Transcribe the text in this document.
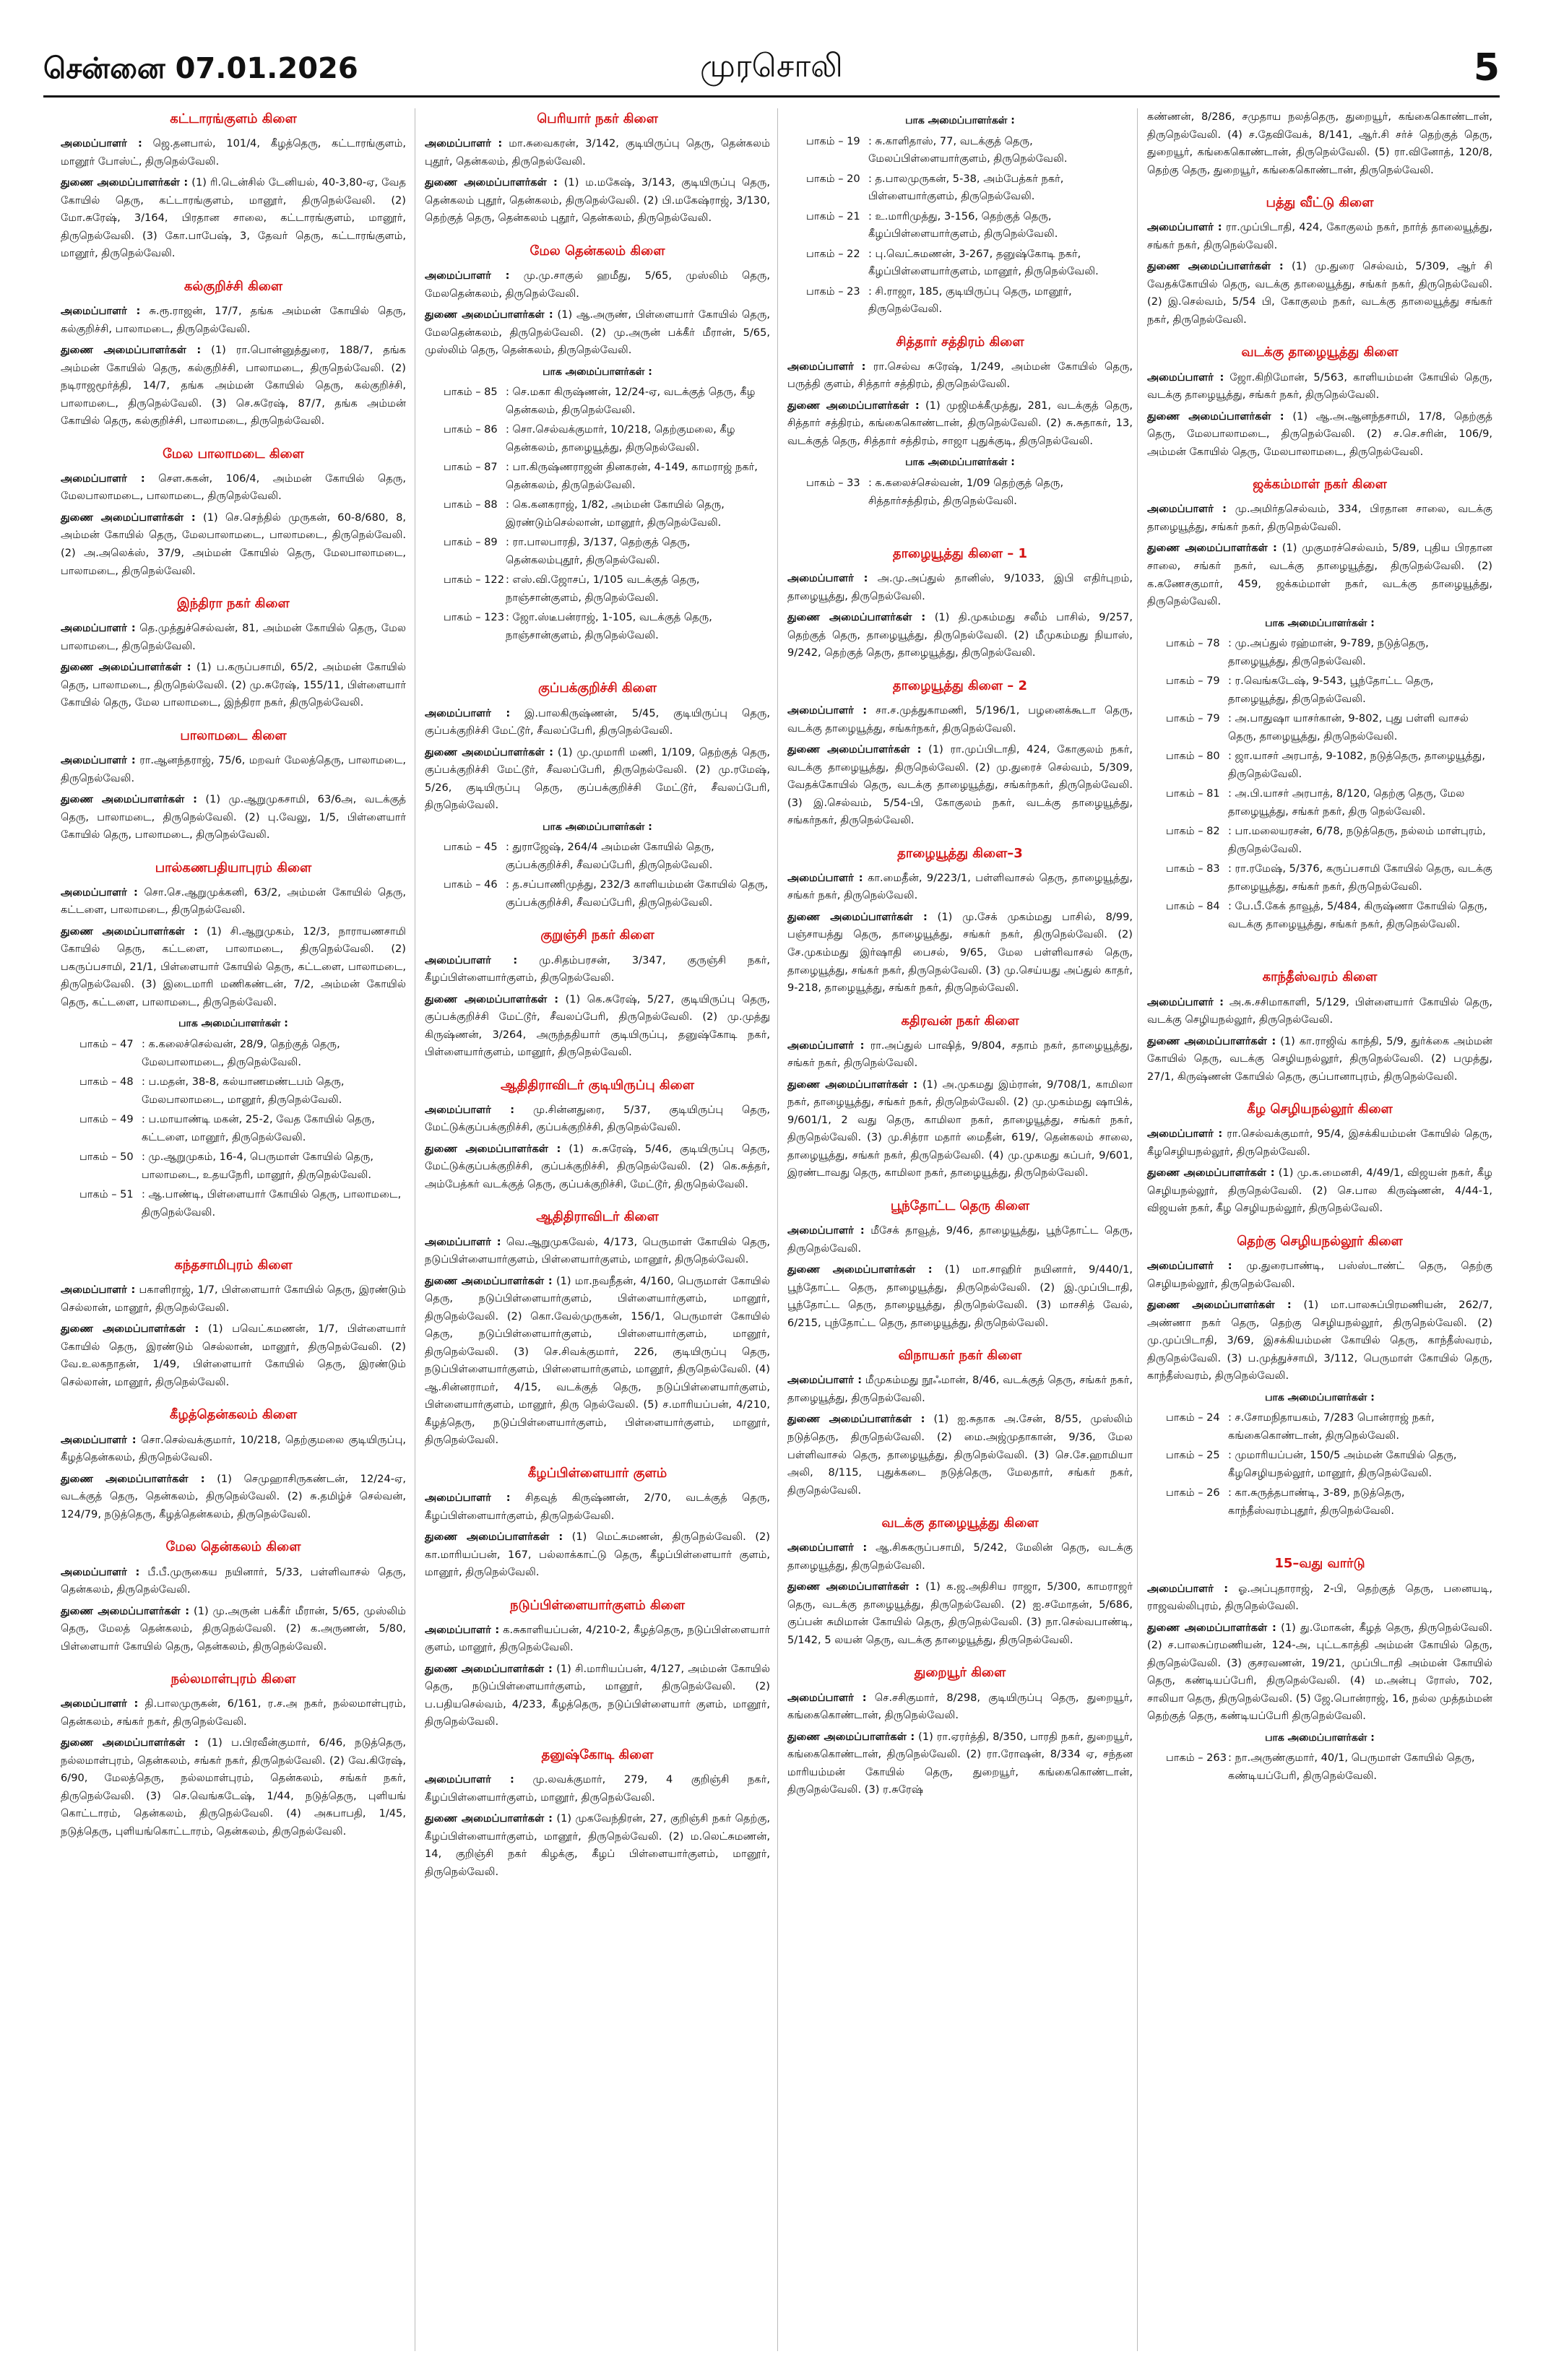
சென்னை 07.01.2026	முரசொலி	5
கட்டாரங்குளம் கிளை

அமைப்பாளர் : ஜெ.தனபால், 101/4, கீழத்தெரு, கட்டாரங்குளம், மானூர் போஸ்ட், திருநெல்வேலி.

துணை அமைப்பாளர்கள் : (1) ரி.டென்சில் டேனியல், 40-3,80-ஏ, வேத கோயில் தெரு, கட்டாரங்குளம், மானூர், திருநெல்வேலி. (2) மோ.சுரேஷ், 3/164, பிரதான சாலை, கட்டாரங்குளம், மானூர், திருநெல்வேலி. (3) கோ.பாபேஷ், 3, தேவர் தெரு, கட்டாரங்குளம், மானூர், திருநெல்வேலி.

கல்குறிச்சி கிளை

அமைப்பாளர் : சு.ரூ.ராஜன், 17/7, தங்க அம்மன் கோயில் தெரு, கல்குறிச்சி, பாலாமடை, திருநெல்வேலி.

துணை அமைப்பாளர்கள் : (1) ரா.பொன்னுத்துரை, 188/7, தங்க அம்மன் கோயில் தெரு, கல்குறிச்சி, பாலாமடை, திருநெல்வேலி. (2) நடிராஜமூர்த்தி, 14/7, தங்க அம்மன் கோயில் தெரு, கல்குறிச்சி, பாலாமடை, திருநெல்வேலி. (3) செ.சுரேஷ், 87/7, தங்க அம்மன் கோயில் தெரு, கல்குறிச்சி, பாலாமடை, திருநெல்வேலி.

மேல பாலாமடை கிளை

அமைப்பாளர் : சௌ.சுகன், 106/4, அம்மன் கோயில் தெரு, மேலபாலாமடை, பாலாமடை, திருநெல்வேலி.

துணை அமைப்பாளர்கள் : (1) செ.செந்தில் முருகன், 60-8/680, 8, அம்மன் கோயில் தெரு, மேலபாலாமடை, பாலாமடை, திருநெல்வேலி. (2) அ.அலெக்ஸ், 37/9, அம்மன் கோயில் தெரு, மேலபாலாமடை, பாலாமடை, திருநெல்வேலி.

இந்திரா நகர் கிளை

அமைப்பாளர் : தெ.முத்துச்செல்வன், 81, அம்மன் கோயில் தெரு, மேல பாலாமடை, திருநெல்வேலி.

துணை அமைப்பாளர்கள் : (1) ப.கருப்பசாமி, 65/2, அம்மன் கோயில் தெரு, பாலாமடை, திருநெல்வேலி. (2) மு.சுரேஷ், 155/11, பிள்ளையார் கோயில் தெரு, மேல பாலாமடை, இந்திரா நகர், திருநெல்வேலி.

பாலாமடை கிளை

அமைப்பாளர் : ரா.ஆனந்தராஜ், 75/6, மறவர் மேலத்தெரு, பாலாமடை, திருநெல்வேலி.

துணை அமைப்பாளர்கள் : (1) மு.ஆறுமுகசாமி, 63/6அ, வடக்குத் தெரு, பாலாமடை, திருநெல்வேலி. (2) பு.வேலு, 1/5, பிள்ளையார் கோயில் தெரு, பாலாமடை, திருநெல்வேலி.

பால்கணபதியாபுரம் கிளை

அமைப்பாளர் : சொ.செ.ஆறுமுக்கனி, 63/2, அம்மன் கோயில் தெரு, கட்டளை, பாலாமடை, திருநெல்வேலி.

துணை அமைப்பாளர்கள் : (1) சி.ஆறுமுகம், 12/3, நாராயணசாமி கோயில் தெரு, கட்டளை, பாலாமடை, திருநெல்வேலி. (2) பகருப்பசாமி, 21/1, பிள்ளையார் கோயில் தெரு, கட்டளை, பாலாமடை, திருநெல்வேலி. (3) இடைமாரி மணிகண்டன், 7/2, அம்மன் கோயில் தெரு, கட்டளை, பாலாமடை, திருநெல்வேலி.

பாக அமைப்பாளர்கள் :
பாகம் – 47 : க.கலைச்செல்வன், 28/9, தெற்குத் தெரு, மேலபாலாமடை, திருநெல்வேலி.
பாகம் – 48 : ப.மதன், 38-8, கல்யாணமண்டபம் தெரு, மேலபாலாமடை, மானூர், திருநெல்வேலி.
பாகம் – 49 : ப.மாயாண்டி மகன், 25-2, வேத கோயில் தெரு, கட்டளை, மானூர், திருநெல்வேலி.
பாகம் – 50 : மு.ஆறுமுகம், 16-4, பெருமாள் கோயில் தெரு, பாலாமடை, உதயநேரி, மானூர், திருநெல்வேலி.
பாகம் – 51 : ஆ.பாண்டி, பிள்ளையார் கோயில் தெரு, பாலாமடை, திருநெல்வேலி.
கந்தசாமிபுரம் கிளை

அமைப்பாளர் : பகாளிராஜ், 1/7, பிள்ளையார் கோயில் தெரு, இரண்டும் செல்லான், மானூர், திருநெல்வேலி.

துணை அமைப்பாளர்கள் : (1) பவெட்கமணன், 1/7, பிள்ளையார் கோயில் தெரு, இரண்டும் செல்லான், மானூர், திருநெல்வேலி. (2) வே.உலகநாதன், 1/49, பிள்ளையார் கோயில் தெரு, இரண்டும் செல்லான், மானூர், திருநெல்வேலி.

கீழத்தென்கலம் கிளை

அமைப்பாளர் : சொ.செல்வக்குமார், 10/218, தெற்குமலை குடியிருப்பு, கீழத்தென்கலம், திருநெல்வேலி.

துணை அமைப்பாளர்கள் : (1) செமுஹாசிருகண்டன், 12/24-ஏ, வடக்குத் தெரு, தென்கலம், திருநெல்வேலி. (2) சு.தமிழ்ச் செல்வன், 124/79, நடுத்தெரு, கீழத்தென்கலம், திருநெல்வேலி.

மேல தென்கலம் கிளை

அமைப்பாளர் : பீ.பீ.முருகைய நயினார், 5/33, பள்ளிவாசல் தெரு, தென்கலம், திருநெல்வேலி.

துணை அமைப்பாளர்கள் : (1) மு.அருன் பக்கீர் மீரான், 5/65, முஸ்லிம் தெரு, மேலத் தென்கலம், திருநெல்வேலி. (2) க.அருணன், 5/80, பிள்ளையார் கோயில் தெரு, தென்கலம், திருநெல்வேலி.

நல்லமாள்புரம் கிளை

அமைப்பாளர் : தி.பாலமுருகன், 6/161, ர.ச.அ நகர், நல்லமாள்புரம், தென்கலம், சங்கர் நகர், திருநெல்வேலி.

துணை அமைப்பாளர்கள் : (1) ப.பிரவீன்குமார், 6/46, நடுத்தெரு, நல்லமாள்புரம், தென்கலம், சங்கர் நகர், திருநெல்வேலி. (2) வே.கிரேஷ், 6/90, மேலத்தெரு, நல்லமாள்புரம், தென்கலம், சங்கர் நகர், திருநெல்வேலி. (3) செ.வெங்கடேஷ், 1/44, நடுத்தெரு, புளியங் கொட்டாரம், தென்கலம், திருநெல்வேலி. (4) அசுபாபதி, 1/45, நடுத்தெரு, புளியங்கொட்டாரம், தென்கலம், திருநெல்வேலி.

பெரியார் நகர் கிளை

அமைப்பாளர் : மா.சுவைகரன், 3/142, குடியிருப்பு தெரு, தென்கலம் புதூர், தென்கலம், திருநெல்வேலி.

துணை அமைப்பாளர்கள் : (1) ம.மகேஷ், 3/143, குடியிருப்பு தெரு, தென்கலம் புதூர், தென்கலம், திருநெல்வேலி. (2) பி.மகேஷ்ராஜ், 3/130, தெற்குத் தெரு, தென்கலம் புதூர், தென்கலம், திருநெல்வேலி.

மேல தென்கலம் கிளை

அமைப்பாளர் : மு.மு.சாகுல் ஹமீது, 5/65, முஸ்லிம் தெரு, மேலதென்கலம், திருநெல்வேலி.

துணை அமைப்பாளர்கள் : (1) ஆ.அருண், பிள்ளையார் கோயில் தெரு, மேலதென்கலம், திருநெல்வேலி. (2) மு.அருன் பக்கீர் மீரான், 5/65, முஸ்லிம் தெரு, தென்கலம், திருநெல்வேலி.

பாக அமைப்பாளர்கள் :
பாகம் – 85 : செ.மகா கிருஷ்ணன், 12/24-ஏ, வடக்குத் தெரு, கீழ தென்கலம், திருநெல்வேலி.
பாகம் – 86 : சொ.செல்வக்குமார், 10/218, தெற்குமலை, கீழ தென்கலம், தாழையூத்து, திருநெல்வேலி.
பாகம் – 87 : பா.கிருஷ்ணராஜன் தினகரன், 4-149, காமராஜ் நகர், தென்கலம், திருநெல்வேலி.
பாகம் – 88 : கெ.கனகராஜ், 1/82, அம்மன் கோயில் தெரு, இரண்டும்செல்லான், மானூர், திருநெல்வேலி.
பாகம் – 89 : ரா.பாலபாரதி, 3/137, தெற்குத் தெரு, தென்கலம்புதூர், திருநெல்வேலி.
பாகம் – 122 : எஸ்.வி.ஜோசப், 1/105 வடக்குத் தெரு, நாஞ்சான்குளம், திருநெல்வேலி.
பாகம் – 123 : ஜோ.ஸ்டீபன்ராஜ், 1-105, வடக்குத் தெரு, நாஞ்சான்குளம், திருநெல்வேலி.
குப்பக்குறிச்சி கிளை

அமைப்பாளர் : இ.பாலகிருஷ்ணன், 5/45, குடியிருப்பு தெரு, குப்பக்குறிச்சி மேட்டூர், சீவலப்பேரி, திருநெல்வேலி.

துணை அமைப்பாளர்கள் : (1) மு.முமாரி மணி, 1/109, தெற்குத் தெரு, குப்பக்குறிச்சி மேட்டூர், சீவலப்பேரி, திருநெல்வேலி. (2) மு.ரமேஷ், 5/26, குடியிருப்பு தெரு, குப்பக்குறிச்சி மேட்டூர், சீவலப்பேரி, திருநெல்வேலி.

பாக அமைப்பாளர்கள் :
பாகம் – 45 : துராஜேஷ், 264/4 அம்மன் கோயில் தெரு, குப்பக்குறிச்சி, சீவலப்பேரி, திருநெல்வேலி.
பாகம் – 46 : த.சப்பாணிமுத்து, 232/3 காளியம்மன் கோயில் தெரு, குப்பக்குறிச்சி, சீவலப்பேரி, திருநெல்வேலி.
குறுஞ்சி நகர் கிளை

அமைப்பாளர் : மு.சிதம்பரசன், 3/347, குருஞ்சி நகர், கீழப்பிள்ளையார்குளம், திருநெல்வேலி.

துணை அமைப்பாளர்கள் : (1) கெ.சுரேஷ், 5/27, குடியிருப்பு தெரு, குப்பக்குறிச்சி மேட்டூர், சீவலப்பேரி, திருநெல்வேலி. (2) மு.முத்து கிருஷ்ணன், 3/264, அருந்ததியார் குடியிருப்பு, தனுஷ்கோடி நகர், பிள்ளையார்குளம், மானூர், திருநெல்வேலி.

ஆதிதிராவிடர் குடியிருப்பு கிளை

அமைப்பாளர் : மு.சின்னதுரை, 5/37, குடியிருப்பு தெரு, மேட்டுக்குப்பக்குறிச்சி, குப்பக்குறிச்சி, திருநெல்வேலி.

துணை அமைப்பாளர்கள் : (1) சு.சுரேஷ், 5/46, குடியிருப்பு தெரு, மேட்டுக்குப்பக்குறிச்சி, குப்பக்குறிச்சி, திருநெல்வேலி. (2) கெ.சுத்தர், அம்பேத்கர் வடக்குத் தெரு, குப்பக்குறிச்சி, மேட்டூர், திருநெல்வேலி.

ஆதிதிராவிடர் கிளை

அமைப்பாளர் : வெ.ஆறுமுகவேல், 4/173, பெருமாள் கோயில் தெரு, நடுப்பிள்ளையார்குளம், பிள்ளையார்குளம், மானூர், திருநெல்வேலி.

துணை அமைப்பாளர்கள் : (1) மா.நவநீதன், 4/160, பெருமாள் கோயில் தெரு, நடுப்பிள்ளையார்குளம், பிள்ளையார்குளம், மானூர், திருநெல்வேலி. (2) கொ.வேல்முருகன், 156/1, பெருமாள் கோயில் தெரு, நடுப்பிள்ளையார்குளம், பிள்ளையார்குளம், மானூர், திருநெல்வேலி. (3) செ.சிவக்குமார், 226, குடியிருப்பு தெரு, நடுப்பிள்ளையார்குளம், பிள்ளையார்குளம், மானூர், திருநெல்வேலி. (4) ஆ.சின்னராமர், 4/15, வடக்குத் தெரு, நடுப்பிள்ளையார்குளம், பிள்ளையார்குளம், மானூர், திரு நெல்வேலி. (5) ச.மாரியப்பன், 4/210, கீழத்தெரு, நடுப்பிள்ளையார்குளம், பிள்ளையார்குளம், மானூர், திருநெல்வேலி.

கீழப்பிள்ளையார் குளம்

அமைப்பாளர் : சிதவுத் கிருஷ்ணன், 2/70, வடக்குத் தெரு, கீழப்பிள்ளையார்குளம், திருநெல்வேலி.

துணை அமைப்பாளர்கள் : (1) மெட்சுமணன், திருநெல்வேலி. (2) கா.மாரியப்பன், 167, பல்லாக்காட்டு தெரு, கீழப்பிள்ளையார் குளம், மானூர், திருநெல்வேலி.

நடுப்பிள்ளையார்குளம் கிளை

அமைப்பாளர் : க.சுகாளியப்பன், 4/210-2, கீழத்தெரு, நடுப்பிள்ளையார் குளம், மானூர், திருநெல்வேலி.

துணை அமைப்பாளர்கள் : (1) சி.மாரியப்பன், 4/127, அம்மன் கோயில் தெரு, நடுப்பிள்ளையார்குளம், மானூர், திருநெல்வேலி. (2) ப.பதியசெல்வம், 4/233, கீழத்தெரு, நடுப்பிள்ளையார் குளம், மானூர், திருநெல்வேலி.

தனுஷ்கோடி கிளை

அமைப்பாளர் : மு.லவக்குமார், 279, 4 குறிஞ்சி நகர், கீழப்பிள்ளையார்குளம், மானூர், திருநெல்வேலி.

துணை அமைப்பாளர்கள் : (1) முகவேந்திரன், 27, குறிஞ்சி நகர் தெற்கு, கீழப்பிள்ளையார்குளம், மானூர், திருநெல்வேலி. (2) ம.லெட்சுமணன், 14, குறிஞ்சி நகர் கிழக்கு, கீழப் பிள்ளையார்குளம், மானூர், திருநெல்வேலி.

பாக அமைப்பாளர்கள் :
பாகம் – 19 : சு.காளிதாஸ், 77, வடக்குத் தெரு, மேலப்பிள்ளையார்குளம், திருநெல்வேலி.
பாகம் – 20 : த.பாலமுருகன், 5-38, அம்பேத்கர் நகர், பிள்ளையார்குளம், திருநெல்வேலி.
பாகம் – 21 : உ.மாரிமுத்து, 3-156, தெற்குத் தெரு, கீழப்பிள்ளையார்குளம், திருநெல்வேலி.
பாகம் – 22 : பு.வெட்சுமணன், 3-267, தனுஷ்கோடி நகர், கீழப்பிள்ளையார்குளம், மானூர், திருநெல்வேலி.
பாகம் – 23 : சி.ராஜா, 185, குடியிருப்பு தெரு, மானூர், திருநெல்வேலி.
சித்தார் சத்திரம் கிளை

அமைப்பாளர் : ரா.செல்வ சுரேஷ், 1/249, அம்மன் கோயில் தெரு, பருத்தி குளம், சித்தார் சத்திரம், திருநெல்வேலி.

துணை அமைப்பாளர்கள் : (1) முஜிமக்கீமுத்து, 281, வடக்குத் தெரு, சித்தார் சத்திரம், கங்கைகொண்டான், திருநெல்வேலி. (2) சு.சுதாகர், 13, வடக்குத் தெரு, சித்தார் சத்திரம், சாஜா புதுக்குடி, திருநெல்வேலி.

பாக அமைப்பாளர்கள் :
பாகம் – 33 : க.கலைச்செல்வன், 1/09 தெற்குத் தெரு, சித்தார்சத்திரம், திருநெல்வேலி.
தாழையூத்து கிளை – 1

அமைப்பாளர் : அ.மு.அப்துல் தானிஸ், 9/1033, இபி எதிர்புறம், தாழையூத்து, திருநெல்வேலி.

துணை அமைப்பாளர்கள் : (1) தி.முகம்மது சலீம் பாசில், 9/257, தெற்குத் தெரு, தாழையூத்து, திருநெல்வேலி. (2) மீமுகம்மது நியாஸ், 9/242, தெற்குத் தெரு, தாழையூத்து, திருநெல்வேலி.

தாழையூத்து கிளை – 2

அமைப்பாளர் : சா.ச.முத்துகாமணி, 5/196/1, பழனைக்கூடா தெரு, வடக்கு தாழையூத்து, சங்கர்நகர், திருநெல்வேலி.

துணை அமைப்பாளர்கள் : (1) ரா.முப்பிடாதி, 424, கோகுலம் நகர், வடக்கு தாழையூத்து, திருநெல்வேலி. (2) மு.துரைச் செல்வம், 5/309, வேதக்கோயில் தெரு, வடக்கு தாழையூத்து, சங்கர்நகர், திருநெல்வேலி. (3) இ.செல்வம், 5/54-பி, கோகுலம் நகர், வடக்கு தாழையூத்து, சங்கர்நகர், திருநெல்வேலி.

தாழையூத்து கிளை–3

அமைப்பாளர் : கா.மைதீன், 9/223/1, பள்ளிவாசல் தெரு, தாழையூத்து, சங்கர் நகர், திருநெல்வேலி.

துணை அமைப்பாளர்கள் : (1) மு.சேக் முகம்மது பாசில், 8/99, பஞ்சாயத்து தெரு, தாழையூத்து, சங்கர் நகர், திருநெல்வேலி. (2) சே.முகம்மது இர்ஷாதி பைசல், 9/65, மேல பள்ளிவாசல் தெரு, தாழையூத்து, சங்கர் நகர், திருநெல்வேலி. (3) மு.செய்யது அப்துல் காதர், 9-218, தாழையூத்து, சங்கர் நகர், திருநெல்வேலி.

கதிரவன் நகர் கிளை

அமைப்பாளர் : ரா.அப்துல் பாஷித், 9/804, சதாம் நகர், தாழையூத்து, சங்கர் நகர், திருநெல்வேலி.

துணை அமைப்பாளர்கள் : (1) அ.முகமது இம்ரான், 9/708/1, காமிலா நகர், தாழையூத்து, சங்கர் நகர், திருநெல்வேலி. (2) மு.முகம்மது ஷாபிக், 9/601/1, 2 வது தெரு, காமிலா நகர், தாழையூத்து, சங்கர் நகர், திருநெல்வேலி. (3) மு.சித்ரா மதார் மைதீன், 619/, தென்கலம் சாலை, தாழையூத்து, சங்கர் நகர், திருநெல்வேலி. (4) மு.முகமது கப்பர், 9/601, இரண்டாவது தெரு, காமிலா நகர், தாழையூத்து, திருநெல்வேலி.

பூந்தோட்ட தெரு கிளை

அமைப்பாளர் : மீசேக் தாவூத், 9/46, தாழையூத்து, பூந்தோட்ட தெரு, திருநெல்வேலி.

துணை அமைப்பாளர்கள் : (1) மா.சாஹிர் நயினார், 9/440/1, பூந்தோட்ட தெரு, தாழையூத்து, திருநெல்வேலி. (2) இ.முப்பிடாதி, பூந்தோட்ட தெரு, தாழையூத்து, திருநெல்வேலி. (3) மாசசித் வேல், 6/215, புந்தோட்ட தெரு, தாழையூத்து, திருநெல்வேலி.

விநாயகர் நகர் கிளை

அமைப்பாளர் : மீமுகம்மது நூஃமான், 8/46, வடக்குத் தெரு, சங்கர் நகர், தாழையூத்து, திருநெல்வேலி.

துணை அமைப்பாளர்கள் : (1) ஐ.சுதாக அ.சேன், 8/55, முஸ்லிம் நடுத்தெரு, திருநெல்வேலி. (2) மை.அஜ்முதாகான், 9/36, மேல பள்ளிவாசல் தெரு, தாழையூத்து, திருநெல்வேலி. (3) செ.சே.ஹாமியா அலி, 8/115, புதுக்கடை நடுத்தெரு, மேலதார், சங்கர் நகர், திருநெல்வேலி.

வடக்கு தாழையூத்து கிளை

அமைப்பாளர் : ஆ.சிசுகருப்பசாமி, 5/242, மேலின் தெரு, வடக்கு தாழையூத்து, திருநெல்வேலி.

துணை அமைப்பாளர்கள் : (1) க.ஜ.அதிசிய ராஜா, 5/300, காமராஜர் தெரு, வடக்கு தாழையூத்து, திருநெல்வேலி. (2) ஐ.சமோதன், 5/686, குப்பன் சுமிமான் கோயில் தெரு, திருநெல்வேலி. (3) நா.செல்வபாண்டி, 5/142, 5 லயன் தெரு, வடக்கு தாழையூத்து, திருநெல்வேலி.

துறையூர் கிளை

அமைப்பாளர் : செ.சசிகுமார், 8/298, குடியிருப்பு தெரு, துறையூர், கங்கைகொண்டான், திருநெல்வேலி.

துணை அமைப்பாளர்கள் : (1) ரா.ஏரர்த்தி, 8/350, பாரதி நகர், துறையூர், கங்கைகொண்டான், திருநெல்வேலி. (2) ரா.ரோஷன், 8/334 ஏ, சந்தன மாரியம்மன் கோயில் தெரு, துறையூர், கங்கைகொண்டான், திருநெல்வேலி. (3) ர.சுரேஷ்

கண்ணன், 8/286, சமுதாய நலத்தெரு, துறையூர், கங்கைகொண்டான், திருநெல்வேலி. (4) ச.தேவிவேக், 8/141, ஆர்.சி சர்ச் தெற்குத் தெரு, துறையூர், கங்கைகொண்டான், திருநெல்வேலி. (5) ரா.வினோத், 120/8, தெற்கு தெரு, துறையூர், கங்கைகொண்டான், திருநெல்வேலி.

பத்து வீட்டு கிளை

அமைப்பாளர் : ரா.முப்பிடாதி, 424, கோகுலம் நகர், நார்த் தாலையூத்து, சங்கர் நகர், திருநெல்வேலி.

துணை அமைப்பாளர்கள் : (1) மு.துரை செல்வம், 5/309, ஆர் சி வேதக்கோயில் தெரு, வடக்கு தாலையூத்து, சங்கர் நகர், திருநெல்வேலி. (2) இ.செல்வம், 5/54 பி, கோகுலம் நகர், வடக்கு தாலையூத்து சங்கர் நகர், திருநெல்வேலி.

வடக்கு தாழையூத்து கிளை

அமைப்பாளர் : ஜோ.கிறிமோன், 5/563, காளியம்மன் கோயில் தெரு, வடக்கு தாழையூத்து, சங்கர் நகர், திருநெல்வேலி.

துணை அமைப்பாளர்கள் : (1) ஆ.அ.ஆனந்தசாமி, 17/8, தெற்குத் தெரு, மேலபாலாமடை, திருநெல்வேலி. (2) ச.செ.சரின், 106/9, அம்மன் கோயில் தெரு, மேலபாலாமடை, திருநெல்வேலி.

ஜக்கம்மாள் நகர் கிளை

அமைப்பாளர் : மு.அமிர்தசெல்வம், 334, பிரதான சாலை, வடக்கு தாழையூத்து, சங்கர் நகர், திருநெல்வேலி.

துணை அமைப்பாளர்கள் : (1) முகுமரச்செல்வம், 5/89, புதிய பிரதான சாலை, சங்கர் நகர், வடக்கு தாழையூத்து, திருநெல்வேலி. (2) க.கணேசகுமார், 459, ஜக்கம்மாள் நகர், வடக்கு தாழையூத்து, திருநெல்வேலி.

பாக அமைப்பாளர்கள் :
பாகம் – 78 : மு.அப்துல் ரஹ்மான், 9-789, நடுத்தெரு, தாழையூத்து, திருநெல்வேலி.
பாகம் – 79 : ர.வெங்கடேஷ், 9-543, பூந்தோட்ட தெரு, தாழையூத்து, திருநெல்வேலி.
பாகம் – 79 : அ.பாதுஷா யாசர்கான், 9-802, புது பள்ளி வாசல் தெரு, தாழையூத்து, திருநெல்வேலி.
பாகம் – 80 : ஜா.யாசர் அரபாத், 9-1082, நடுத்தெரு, தாழையூத்து, திருநெல்வேலி.
பாகம் – 81 : அ.பி.யாசர் அரபாத், 8/120, தெற்கு தெரு, மேல தாழையூத்து, சங்கர் நகர், திரு நெல்வேலி.
பாகம் – 82 : பா.மலையரசன், 6/78, நடுத்தெரு, நல்லம் மாள்புரம், திருநெல்வேலி.
பாகம் – 83 : ரா.ரமேஷ், 5/376, கருப்பசாமி கோயில் தெரு, வடக்கு தாழையூத்து, சங்கர் நகர், திருநெல்வேலி.
பாகம் – 84 : பே.பீ.கேக் தாவூத், 5/484, கிருஷ்ணா கோயில் தெரு, வடக்கு தாழையூத்து, சங்கர் நகர், திருநெல்வேலி.
காந்தீஸ்வரம் கிளை

அமைப்பாளர் : அ.சு.சசிமாகாளி, 5/129, பிள்ளையார் கோயில் தெரு, வடக்கு செழியநல்லூர், திருநெல்வேலி.

துணை அமைப்பாளர்கள் : (1) கா.ராஜிவ் காந்தி, 5/9, துர்க்கை அம்மன் கோயில் தெரு, வடக்கு செழியநல்லூர், திருநெல்வேலி. (2) பமுத்து, 27/1, கிருஷ்ணன் கோயில் தெரு, குப்பானாபுரம், திருநெல்வேலி.

கீழ செழியநல்லூர் கிளை

அமைப்பாளர் : ரா.செல்வக்குமார், 95/4, இசக்கியம்மன் கோயில் தெரு, கீழசெழியநல்லூர், திருநெல்வேலி.

துணை அமைப்பாளர்கள் : (1) மு.க.மைனசி, 4/49/1, விஜயன் நகர், கீழ செழியநல்லூர், திருநெல்வேலி. (2) செ.பால கிருஷ்ணன், 4/44-1, விஜயன் நகர், கீழ செழியநல்லூர், திருநெல்வேலி.

தெற்கு செழியநல்லூர் கிளை

அமைப்பாளர் : மு.துரைபாண்டி, பஸ்ஸ்டாண்ட் தெரு, தெற்கு செழியநல்லூர், திருநெல்வேலி.

துணை அமைப்பாளர்கள் : (1) மா.பாலசுப்பிரமணியன், 262/7, அண்ணா நகர் தெரு, தெற்கு செழியநல்லூர், திருநெல்வேலி. (2) மு.முப்பிடாதி, 3/69, இசக்கியம்மன் கோயில் தெரு, காந்தீஸ்வரம், திருநெல்வேலி. (3) ப.முத்துச்சாமி, 3/112, பெருமாள் கோயில் தெரு, காந்தீஸ்வரம், திருநெல்வேலி.

பாக அமைப்பாளர்கள் :
பாகம் – 24 : ச.சோமநிதாயகம், 7/283 பொன்ராஜ் நகர், கங்கைகொண்டான், திருநெல்வேலி.
பாகம் – 25 : முமாரியப்பன், 150/5 அம்மன் கோயில் தெரு, கீழசெழியநல்லூர், மானூர், திருநெல்வேலி.
பாகம் – 26 : கா.சுருத்தபாண்டி, 3-89, நடுத்தெரு, காந்தீஸ்வரம்புதூர், திருநெல்வேலி.
15–வது வார்டு

அமைப்பாளர் : ஓ.அப்புதாராஜ், 2-பி, தெற்குத் தெரு, பனையடி, ராஜவல்லிபுரம், திருநெல்வேலி.

துணை அமைப்பாளர்கள் : (1) து.மோகன், கீழத் தெரு, திருநெல்வேலி. (2) ச.பாலசுப்ரமணியன், 124-அ, புட்டகாத்தி அம்மன் கோயில் தெரு, திருநெல்வேலி. (3) குசரவணன், 19/21, முப்பிடாதி அம்மன் கோயில் தெரு, கண்டியப்பேரி, திருநெல்வேலி. (4) ம.அன்பு ரோஸ், 702, சாலியா தெரு, திருநெல்வேலி. (5) ஜே.பொன்ராஜ், 16, நல்ல முத்தம்மன் தெற்குத் தெரு, கண்டியப்பேரி திருநெல்வேலி.

பாக அமைப்பாளர்கள் :
பாகம் – 263 : நா.அருண்குமார், 40/1, பெருமாள் கோயில் தெரு, கண்டியப்பேரி, திருநெல்வேலி.
